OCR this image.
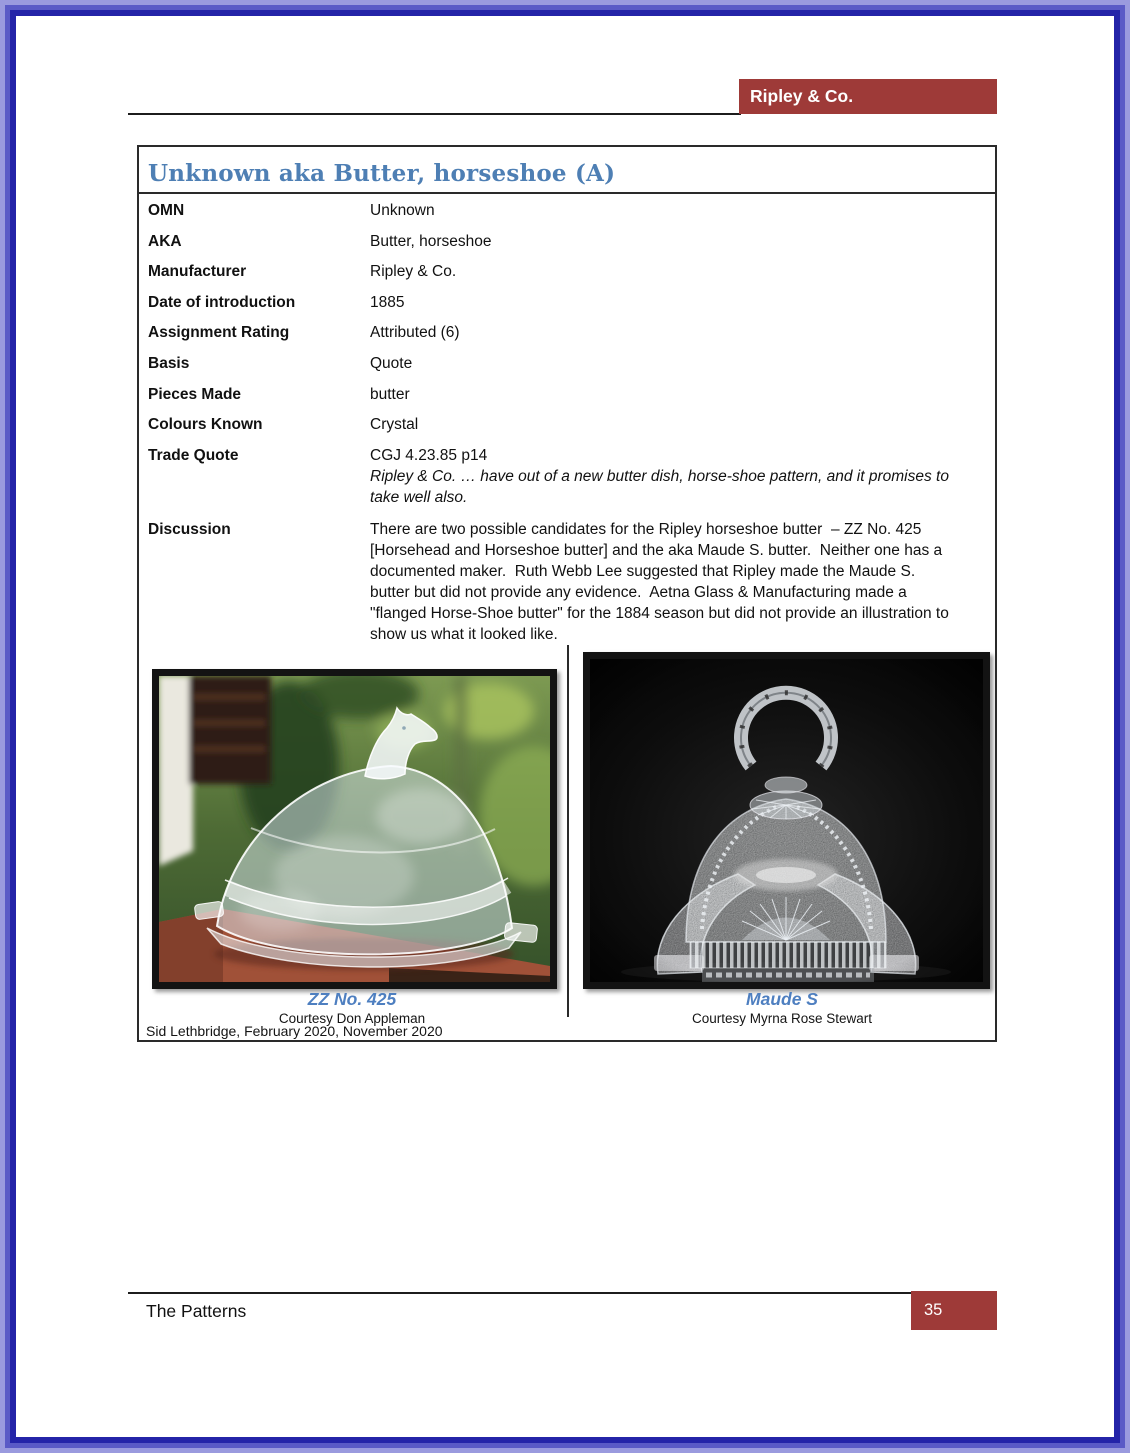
Ripley & Co.
Unknown aka Butter, horseshoe (A)
OMN	Unknown
AKA	Butter, horseshoe
Manufacturer	Ripley & Co.
Date of introduction	1885
Assignment Rating	Attributed (6)
Basis	Quote
Pieces Made	butter
Colours Known	Crystal
Trade Quote	CGJ 4.23.85 p14

Ripley & Co. … have out of a new butter dish, horse-shoe pattern, and it promises to take well also.

Discussion	There are two possible candidates for the Ripley horseshoe butter  – ZZ No. 425 [Horsehead and Horseshoe butter] and the aka Maude S. butter.  Neither one has a documented maker.  Ruth Webb Lee suggested that Ripley made the Maude S. butter but did not provide any evidence.  Aetna Glass & Manufacturing made a "flanged Horse-Shoe butter" for the 1884 season but did not provide an illustration to show us what it looked like.

ZZ No. 425
Courtesy Don Appleman
Maude S
Courtesy Myrna Rose Stewart
Sid Lethbridge, February 2020, November 2020
The Patterns	35
